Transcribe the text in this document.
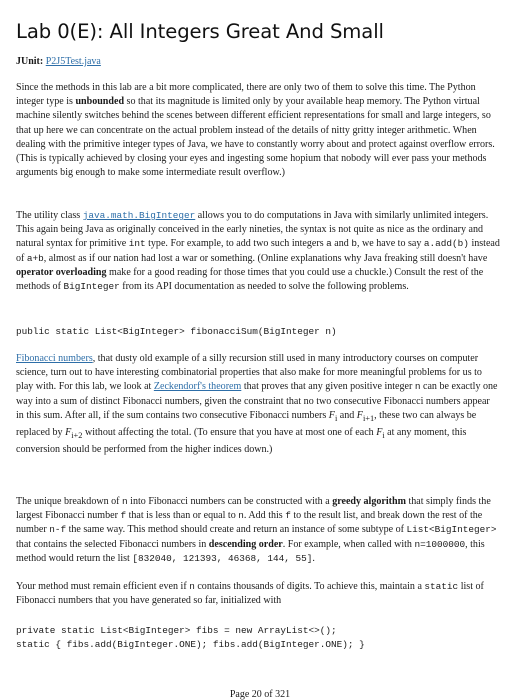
Lab 0(E): All Integers Great And Small
JUnit: P2J5Test.java

Since the methods in this lab are a bit more complicated, there are only two of them to solve this time. The Python integer type is unbounded so that its magnitude is limited only by your available heap memory. The Python virtual machine silently switches behind the scenes between different efficient representations for small and large integers, so that up here we can concentrate on the actual problem instead of the details of nitty gritty integer arithmetic. When dealing with the primitive integer types of Java, we have to constantly worry about and protect against overflow errors. (This is typically achieved by closing your eyes and ingesting some hopium that nobody will ever pass your methods arguments big enough to make some intermediate result overflow.)

The utility class java.math.BigInteger allows you to do computations in Java with similarly unlimited integers. This again being Java as originally conceived in the early nineties, the syntax is not quite as nice as the ordinary and natural syntax for primitive int type. For example, to add two such integers a and b, we have to say a.add(b) instead of a+b, almost as if our nation had lost a war or something. (Online explanations why Java freaking still doesn't have operator overloading make for a good reading for those times that you could use a chuckle.) Consult the rest of the methods of BigInteger from its API documentation as needed to solve the following problems.

public static List<BigInteger> fibonacciSum(BigInteger n)

Fibonacci numbers, that dusty old example of a silly recursion still used in many introductory courses on computer science, turn out to have interesting combinatorial properties that also make for more meaningful problems for us to play with. For this lab, we look at Zeckendorf's theorem that proves that any given positive integer n can be exactly one way into a sum of distinct Fibonacci numbers, given the constraint that no two consecutive Fibonacci numbers appear in this sum. After all, if the sum contains two consecutive Fibonacci numbers $F_i$ and $F_{i+1}$, these two can always be replaced by $F_{i+2}$ without affecting the total. (To ensure that you have at most one of each $F_i$ at any moment, this conversion should be performed from the higher indices down.)

The unique breakdown of n into Fibonacci numbers can be constructed with a greedy algorithm that simply finds the largest Fibonacci number f that is less than or equal to n. Add this f to the result list, and break down the rest of the number n-f the same way. This method should create and return an instance of some subtype of List<BigInteger> that contains the selected Fibonacci numbers in descending order. For example, when called with n=1000000, this method would return the list [832040, 121393, 46368, 144, 55].

Your method must remain efficient even if n contains thousands of digits. To achieve this, maintain a static list of Fibonacci numbers that you have generated so far, initialized with

private static List<BigInteger> fibs = new ArrayList<>();
static { fibs.add(BigInteger.ONE); fibs.add(BigInteger.ONE); }
Page 20 of 321
